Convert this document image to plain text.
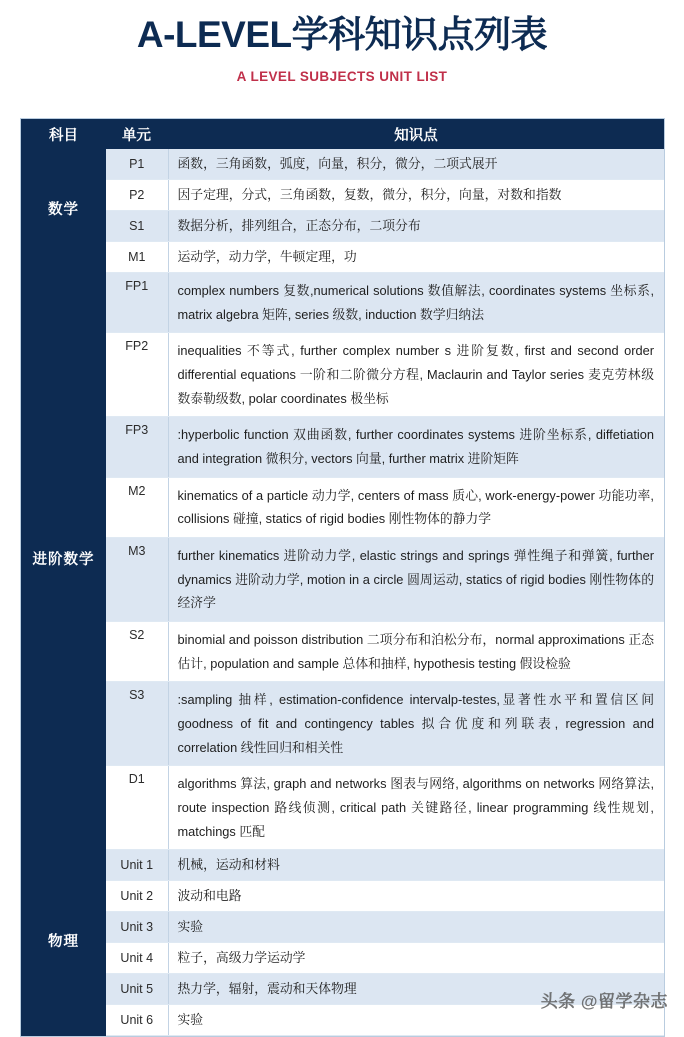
A-LEVEL学科知识点列表
A LEVEL SUBJECTS UNIT LIST
科目	单元	知识点
数学	P1	函数，三角函数，弧度，向量，积分，微分，二项式展开
	P2	因子定理，分式，三角函数，复数，微分，积分，向量，对数和指数
	S1	数据分析，排列组合，正态分布，二项分布
	M1	运动学，动力学，牛顿定理，功
进阶数学	FP1	complex numbers 复数,numerical solutions 数值解法, coordinates systems 坐标系, matrix algebra 矩阵, series 级数, induction 数学归纳法
	FP2	inequalities 不等式, further complex number s 进阶复数, first and second order differential equations 一阶和二阶微分方程, Maclaurin and Taylor series 麦克劳林级数泰勒级数, polar coordinates 极坐标
	FP3	:hyperbolic function 双曲函数, further coordinates systems 进阶坐标系, diffetiation and integration 微积分, vectors 向量, further matrix 进阶矩阵
	M2	kinematics of a particle 动力学, centers of mass 质心, work-energy-power 功能功率, collisions 碰撞, statics of rigid bodies 刚性物体的静力学
	M3	further kinematics 进阶动力学, elastic strings and springs 弹性绳子和弹簧, further dynamics 进阶动力学, motion in a circle 圆周运动, statics of rigid bodies 刚性物体的经济学
	S2	binomial and poisson distribution 二项分布和泊松分布，normal approximations 正态估计, population and sample 总体和抽样, hypothesis testing 假设检验
	S3	:sampling 抽样, estimation-confidence intervalp-testes,显著性水平和置信区间 goodness of fit and contingency tables 拟合优度和列联表, regression and correlation 线性回归和相关性
	D1	algorithms 算法, graph and networks 图表与网络, algorithms on networks 网络算法, route inspection 路线侦测, critical path 关键路径, linear programming 线性规划, matchings 匹配
物理	Unit 1	机械，运动和材料
	Unit 2	波动和电路
	Unit 3	实验
	Unit 4	粒子，高级力学运动学
	Unit 5	热力学，辐射，震动和天体物理
	Unit 6	实验
头条 @留学杂志
